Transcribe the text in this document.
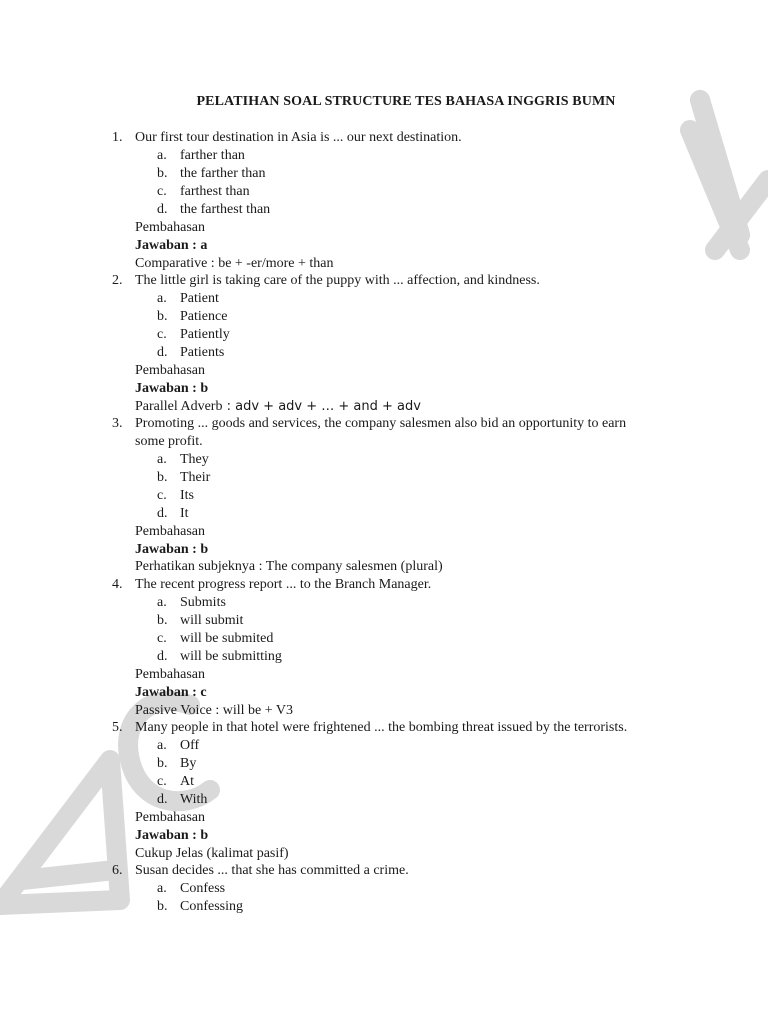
PELATIHAN SOAL STRUCTURE TES BAHASA INGGRIS BUMN
1. Our first tour destination in Asia is ... our next destination.
a. farther than
b. the farther than
c. farthest than
d. the farthest than
Pembahasan
Jawaban : a
Comparative : be + -er/more + than
2. The little girl is taking care of the puppy with ... affection, and kindness.
a. Patient
b. Patience
c. Patiently
d. Patients
Pembahasan
Jawaban : b
Parallel Adverb : adv + adv + … + and + adv
3. Promoting ... goods and services, the company salesmen also bid an opportunity to earn
some profit.
a. They
b. Their
c. Its
d. It
Pembahasan
Jawaban : b
Perhatikan subjeknya : The company salesmen (plural)
4. The recent progress report ... to the Branch Manager.
a. Submits
b. will submit
c. will be submited
d. will be submitting
Pembahasan
Jawaban : c
Passive Voice : will be + V3
5. Many people in that hotel were frightened ... the bombing threat issued by the terrorists.
a. Off
b. By
c. At
d. With
Pembahasan
Jawaban : b
Cukup Jelas (kalimat pasif)
6. Susan decides ... that she has committed a crime.
a. Confess
b. Confessing
